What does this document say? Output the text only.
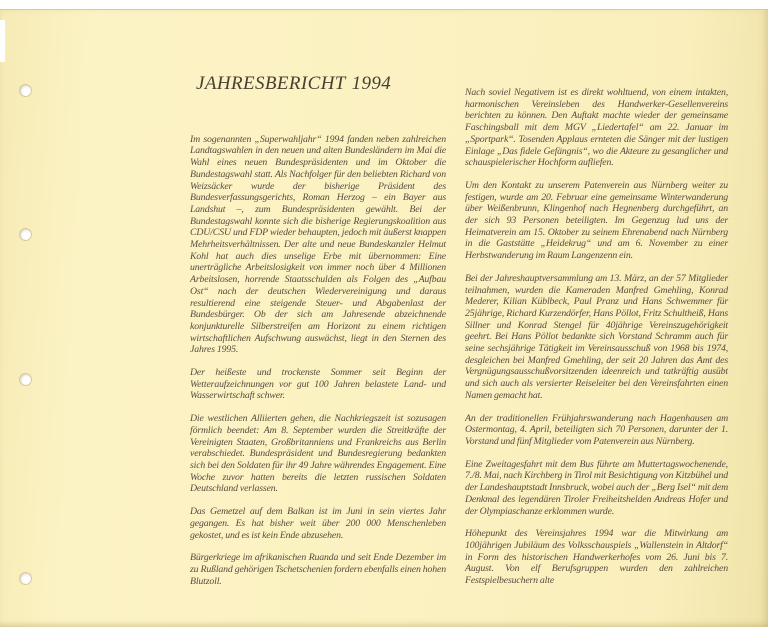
JAHRESBERICHT 1994

Im sogenannten „Superwahljahr“ 1994 fanden neben zahlreichen Landtagswahlen in den neuen und alten Bundesländern im Mai die Wahl eines neuen Bundespräsidenten und im Oktober die Bundestagswahl statt. Als Nachfolger für den beliebten Richard von Weizsäcker wurde der bisherige Präsident des Bundesverfassungsgerichts, Roman Herzog – ein Bayer aus Landshut –, zum Bundespräsidenten gewählt. Bei der Bundestagswahl konnte sich die bisherige Regierungskoalition aus CDU/CSU und FDP wieder behaupten, jedoch mit äußerst knappen Mehrheitsverhältnissen. Der alte und neue Bundeskanzler Helmut Kohl hat auch dies unselige Erbe mit übernommen: Eine unerträgliche Arbeitslosigkeit von immer noch über 4 Millionen Arbeitslosen, horrende Staatsschulden als Folgen des „Aufbau Ost“ nach der deutschen Wiedervereinigung und daraus resultierend eine steigende Steuer- und Abgabenlast der Bundesbürger. Ob der sich am Jahresende abzeichnende konjunkturelle Silberstreifen am Horizont zu einem richtigen wirtschaftlichen Aufschwung auswächst, liegt in den Sternen des Jahres 1995.

Der heißeste und trockenste Sommer seit Beginn der Wetteraufzeichnungen vor gut 100 Jahren belastete Land- und Wasserwirtschaft schwer.

Die westlichen Alliierten gehen, die Nachkriegszeit ist sozusagen förmlich beendet: Am 8. September wurden die Streitkräfte der Vereinigten Staaten, Großbritanniens und Frankreichs aus Berlin verabschiedet. Bundespräsident und Bundesregierung bedankten sich bei den Soldaten für ihr 49 Jahre währendes Engagement. Eine Woche zuvor hatten bereits die letzten russischen Soldaten Deutschland verlassen.

Das Gemetzel auf dem Balkan ist im Juni in sein viertes Jahr gegangen. Es hat bisher weit über 200 000 Menschenleben gekostet, und es ist kein Ende abzusehen.

Bürgerkriege im afrikanischen Ruanda und seit Ende Dezember im zu Rußland gehörigen Tschetschenien fordern ebenfalls einen hohen Blutzoll.

Nach soviel Negativem ist es direkt wohltuend, von einem intakten, harmonischen Vereinsleben des Handwerker-Gesellenvereins berichten zu können. Den Auftakt machte wieder der gemeinsame Faschingsball mit dem MGV „Liedertafel“ am 22. Januar im „Sportpark“. Tosenden Applaus ernteten die Sänger mit der lustigen Einlage „Das fidele Gefängnis“, wo die Akteure zu gesanglicher und schauspielerischer Hochform aufliefen.

Um den Kontakt zu unserem Patenverein aus Nürnberg weiter zu festigen, wurde am 20. Februar eine gemeinsame Winterwanderung über Weißenbrunn, Klingenhof nach Hegnenberg durchgeführt, an der sich 93 Personen beteiligten. Im Gegenzug lud uns der Heimatverein am 15. Oktober zu seinem Ehrenabend nach Nürnberg in die Gaststätte „Heidekrug“ und am 6. November zu einer Herbstwanderung im Raum Langenzenn ein.

Bei der Jahreshauptversammlung am 13. März, an der 57 Mitglieder teilnahmen, wurden die Kameraden Manfred Gmehling, Konrad Mederer, Kilian Küblbeck, Paul Pranz und Hans Schwemmer für 25jährige, Richard Kurzendörfer, Hans Pöllot, Fritz Schultheiß, Hans Sillner und Konrad Stengel für 40jährige Vereinszugehörigkeit geehrt. Bei Hans Pöllot bedankte sich Vorstand Schramm auch für seine sechsjährige Tätigkeit im Vereinsausschuß von 1968 bis 1974, desgleichen bei Manfred Gmehling, der seit 20 Jahren das Amt des Vergnügungsausschußvorsitzenden ideenreich und tatkräftig ausübt und sich auch als versierter Reiseleiter bei den Vereinsfahrten einen Namen gemacht hat.

An der traditionellen Frühjahrswanderung nach Hagenhausen am Ostermontag, 4. April, beteiligten sich 70 Personen, darunter der 1. Vorstand und fünf Mitglieder vom Patenverein aus Nürnberg.

Eine Zweitagesfahrt mit dem Bus führte am Muttertagswochenende, 7./8. Mai, nach Kirchberg in Tirol mit Besichtigung von Kitzbühel und der Landeshauptstadt Innsbruck, wobei auch der „Berg Isel“ mit dem Denkmal des legendären Tiroler Freiheitshelden Andreas Hofer und der Olympiaschanze erklommen wurde.

Höhepunkt des Vereinsjahres 1994 war die Mitwirkung am 100jährigen Jubiläum des Volksschauspiels „Wallenstein in Altdorf“ in Form des historischen Handwerkerhofes vom 26. Juni bis 7. August. Von elf Berufsgruppen wurden den zahlreichen Festspielbesuchern alte
